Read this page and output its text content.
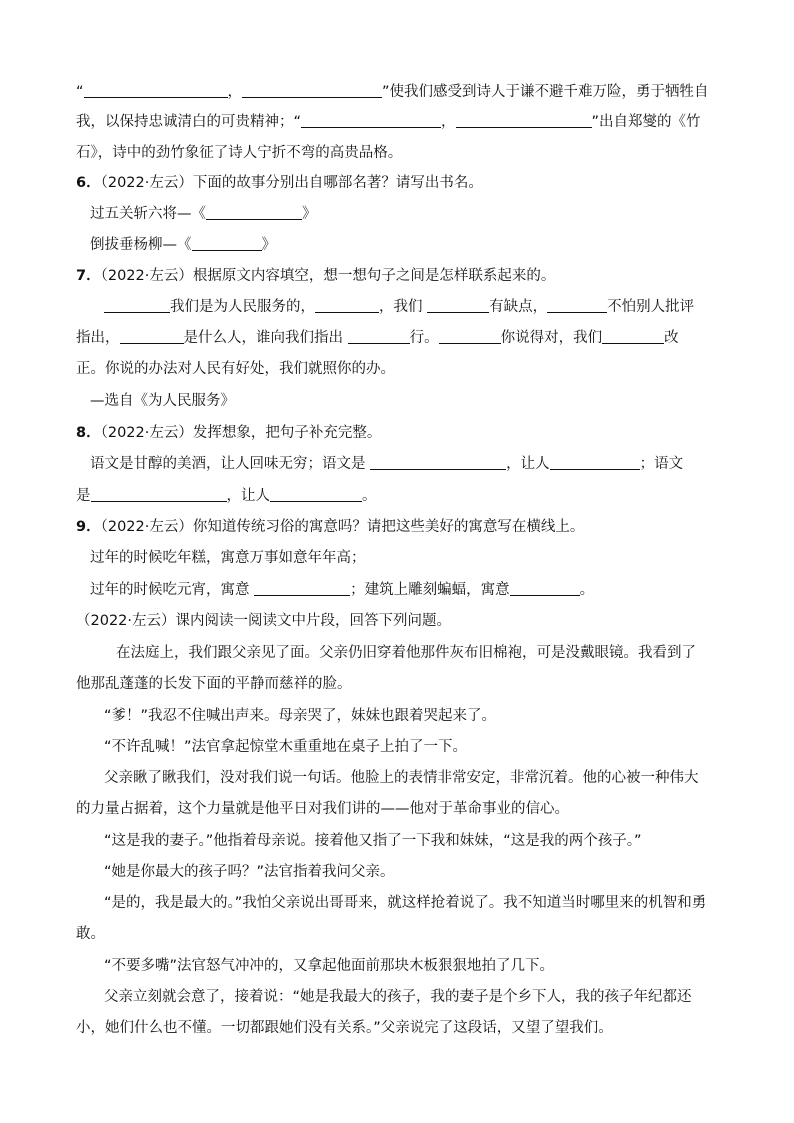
“	，	”使我们感受到诗人于谦不避千难万险，勇于牺牲自
我，以保持忠诚清白的可贵精神；“	，	”出自郑燮的《竹
石》，诗中的劲竹象征了诗人宁折不弯的高贵品格。
6．（2022·左云）下面的故事分别出自哪部名著？请写出书名。
过五关斩六将—《	》
倒拔垂杨柳—《	》
7．（2022·左云）根据原文内容填空，想一想句子之间是怎样联系起来的。
我们是为人民服务的，	，我们	有缺点，	不怕别人批评
指出，	是什么人，谁向我们指出	行。	你说得对，我们	改
正。你说的办法对人民有好处，我们就照你的办。
—选自《为人民服务》
8．（2022·左云）发挥想象，把句子补充完整。
语文是甘醇的美酒，让人回味无穷；语文是	，让人	；语文
是	，让人	。
9．（2022·左云）你知道传统习俗的寓意吗？请把这些美好的寓意写在横线上。
过年的时候吃年糕，寓意万事如意年年高；
过年的时候吃元宵，寓意	；建筑上雕刻蝙蝠，寓意	。
（2022·左云）课内阅读一阅读文中片段，回答下列问题。
在法庭上，我们跟父亲见了面。父亲仍旧穿着他那件灰布旧棉袍，可是没戴眼镜。我看到了
他那乱蓬蓬的长发下面的平静而慈祥的脸。
“爹！”我忍不住喊出声来。母亲哭了，妹妹也跟着哭起来了。
“不许乱喊！”法官拿起惊堂木重重地在桌子上拍了一下。
父亲瞅了瞅我们，没对我们说一句话。他脸上的表情非常安定，非常沉着。他的心被一种伟大
的力量占据着，这个力量就是他平日对我们讲的——他对于革命事业的信心。
“这是我的妻子。”他指着母亲说。接着他又指了一下我和妹妹，“这是我的两个孩子。”
“她是你最大的孩子吗？”法官指着我问父亲。
“是的，我是最大的。”我怕父亲说出哥哥来，就这样抢着说了。我不知道当时哪里来的机智和勇
敢。
“不要多嘴”法官怒气冲冲的，又拿起他面前那块木板狠狠地拍了几下。
父亲立刻就会意了，接着说：“她是我最大的孩子，我的妻子是个乡下人，我的孩子年纪都还
小，她们什么也不懂。一切都跟她们没有关系。”父亲说完了这段话，又望了望我们。
